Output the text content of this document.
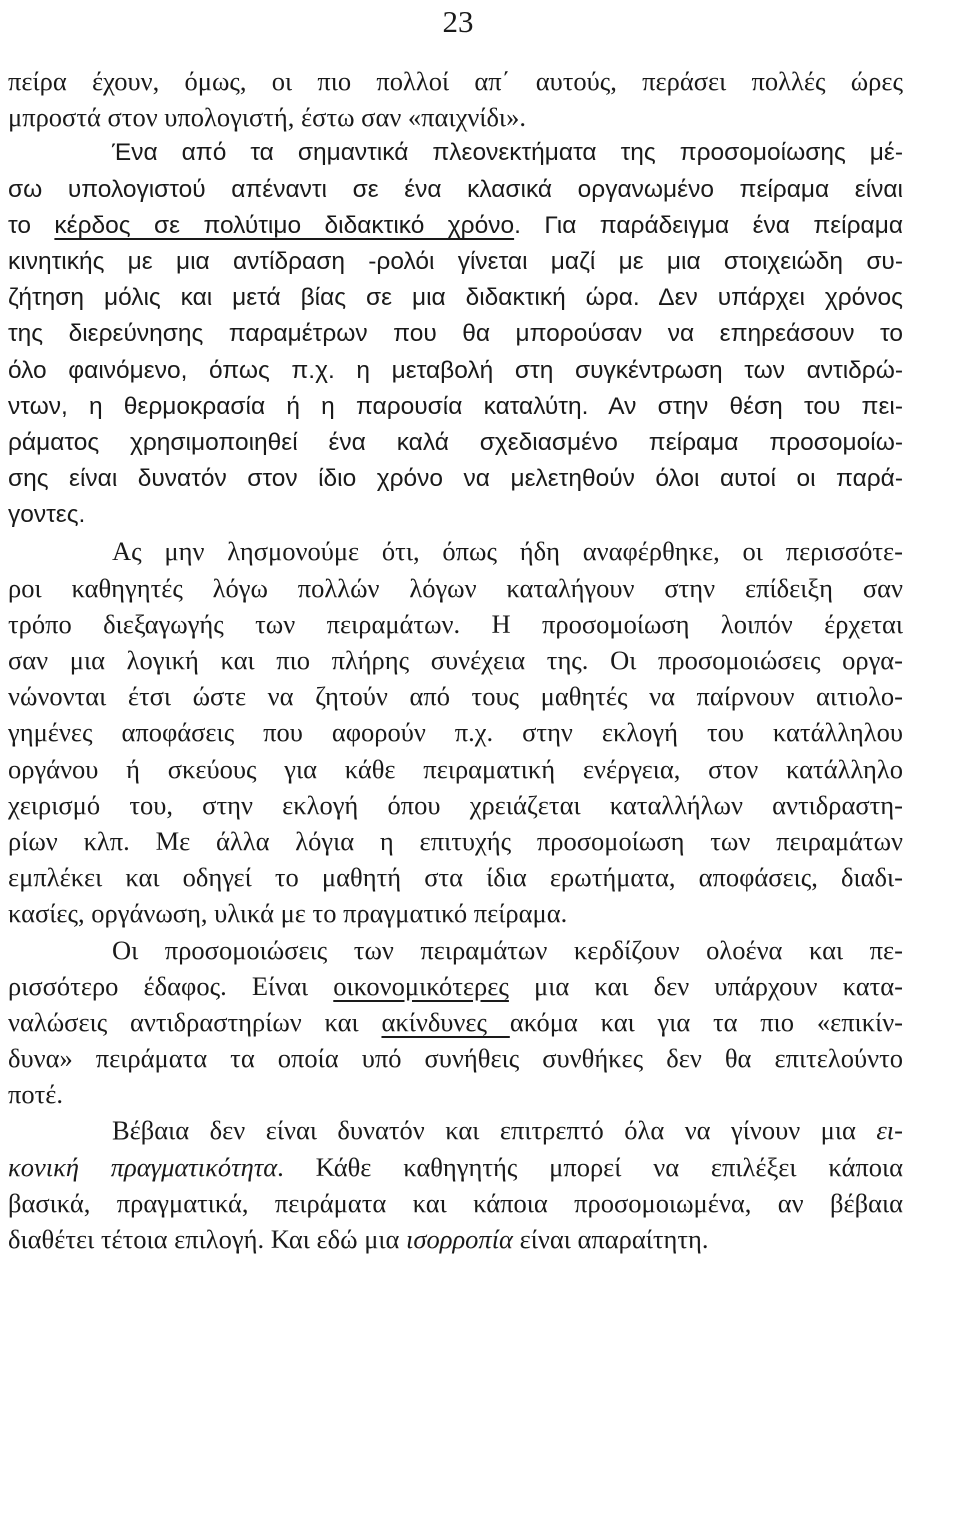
23
πείρα έχουν, όμως, οι πιο πολλοί απ΄ αυτούς, περάσει πολλές ώρες
μπροστά στον υπολογιστή, έστω σαν «παιχνίδι».
Ένα από τα σημαντικά πλεονεκτήματα της προσομοίωσης μέ-
σω υπολογιστού απέναντι σε ένα κλασικά οργανωμένο πείραμα είναι
το κέρδος σε πολύτιμο διδακτικό χρόνο. Για παράδειγμα ένα πείραμα
κινητικής με μια αντίδραση -ρολόι γίνεται μαζί με μια στοιχειώδη συ-
ζήτηση μόλις και μετά βίας σε μια διδακτική ώρα. Δεν υπάρχει χρόνος
της διερεύνησης παραμέτρων που θα μπορούσαν να επηρεάσουν το
όλο φαινόμενο, όπως π.χ. η μεταβολή στη συγκέντρωση των αντιδρώ-
ντων, η θερμοκρασία ή η παρουσία καταλύτη. Αν στην θέση του πει-
ράματος χρησιμοποιηθεί ένα καλά σχεδιασμένο πείραμα προσομοίω-
σης είναι δυνατόν στον ίδιο χρόνο να μελετηθούν όλοι αυτοί οι παρά-
γοντες.
Ας μην λησμονούμε ότι, όπως ήδη αναφέρθηκε, οι περισσότε-
ροι καθηγητές λόγω πολλών λόγων καταλήγουν στην επίδειξη σαν
τρόπο διεξαγωγής των πειραμάτων. Η προσομοίωση λοιπόν έρχεται
σαν μια λογική και πιο πλήρης συνέχεια της. Οι προσομοιώσεις οργα-
νώνονται έτσι ώστε να ζητούν από τους μαθητές να παίρνουν αιτιολο-
γημένες αποφάσεις που αφορούν π.χ. στην εκλογή του κατάλληλου
οργάνου ή σκεύους για κάθε πειραματική ενέργεια, στον κατάλληλο
χειρισμό του, στην εκλογή όπου χρειάζεται καταλλήλων αντιδραστη-
ρίων κλπ. Με άλλα λόγια η επιτυχής προσομοίωση των πειραμάτων
εμπλέκει και οδηγεί το μαθητή στα ίδια ερωτήματα, αποφάσεις, διαδι-
κασίες, οργάνωση, υλικά με το πραγματικό πείραμα.
Οι προσομοιώσεις των πειραμάτων κερδίζουν ολοένα και πε-
ρισσότερο έδαφος. Είναι οικονομικότερες μια και δεν υπάρχουν κατα-
ναλώσεις αντιδραστηρίων και ακίνδυνες ακόμα και για τα πιο «επικίν-
δυνα» πειράματα τα οποία υπό συνήθεις συνθήκες δεν θα επιτελούντο
ποτέ.
Βέβαια δεν είναι δυνατόν και επιτρεπτό όλα να γίνουν μια ει-
κονική πραγματικότητα. Κάθε καθηγητής μπορεί να επιλέξει κάποια
βασικά, πραγματικά, πειράματα και κάποια προσομοιωμένα, αν βέβαια
διαθέτει τέτοια επιλογή. Και εδώ μια ισορροπία είναι απαραίτητη.
